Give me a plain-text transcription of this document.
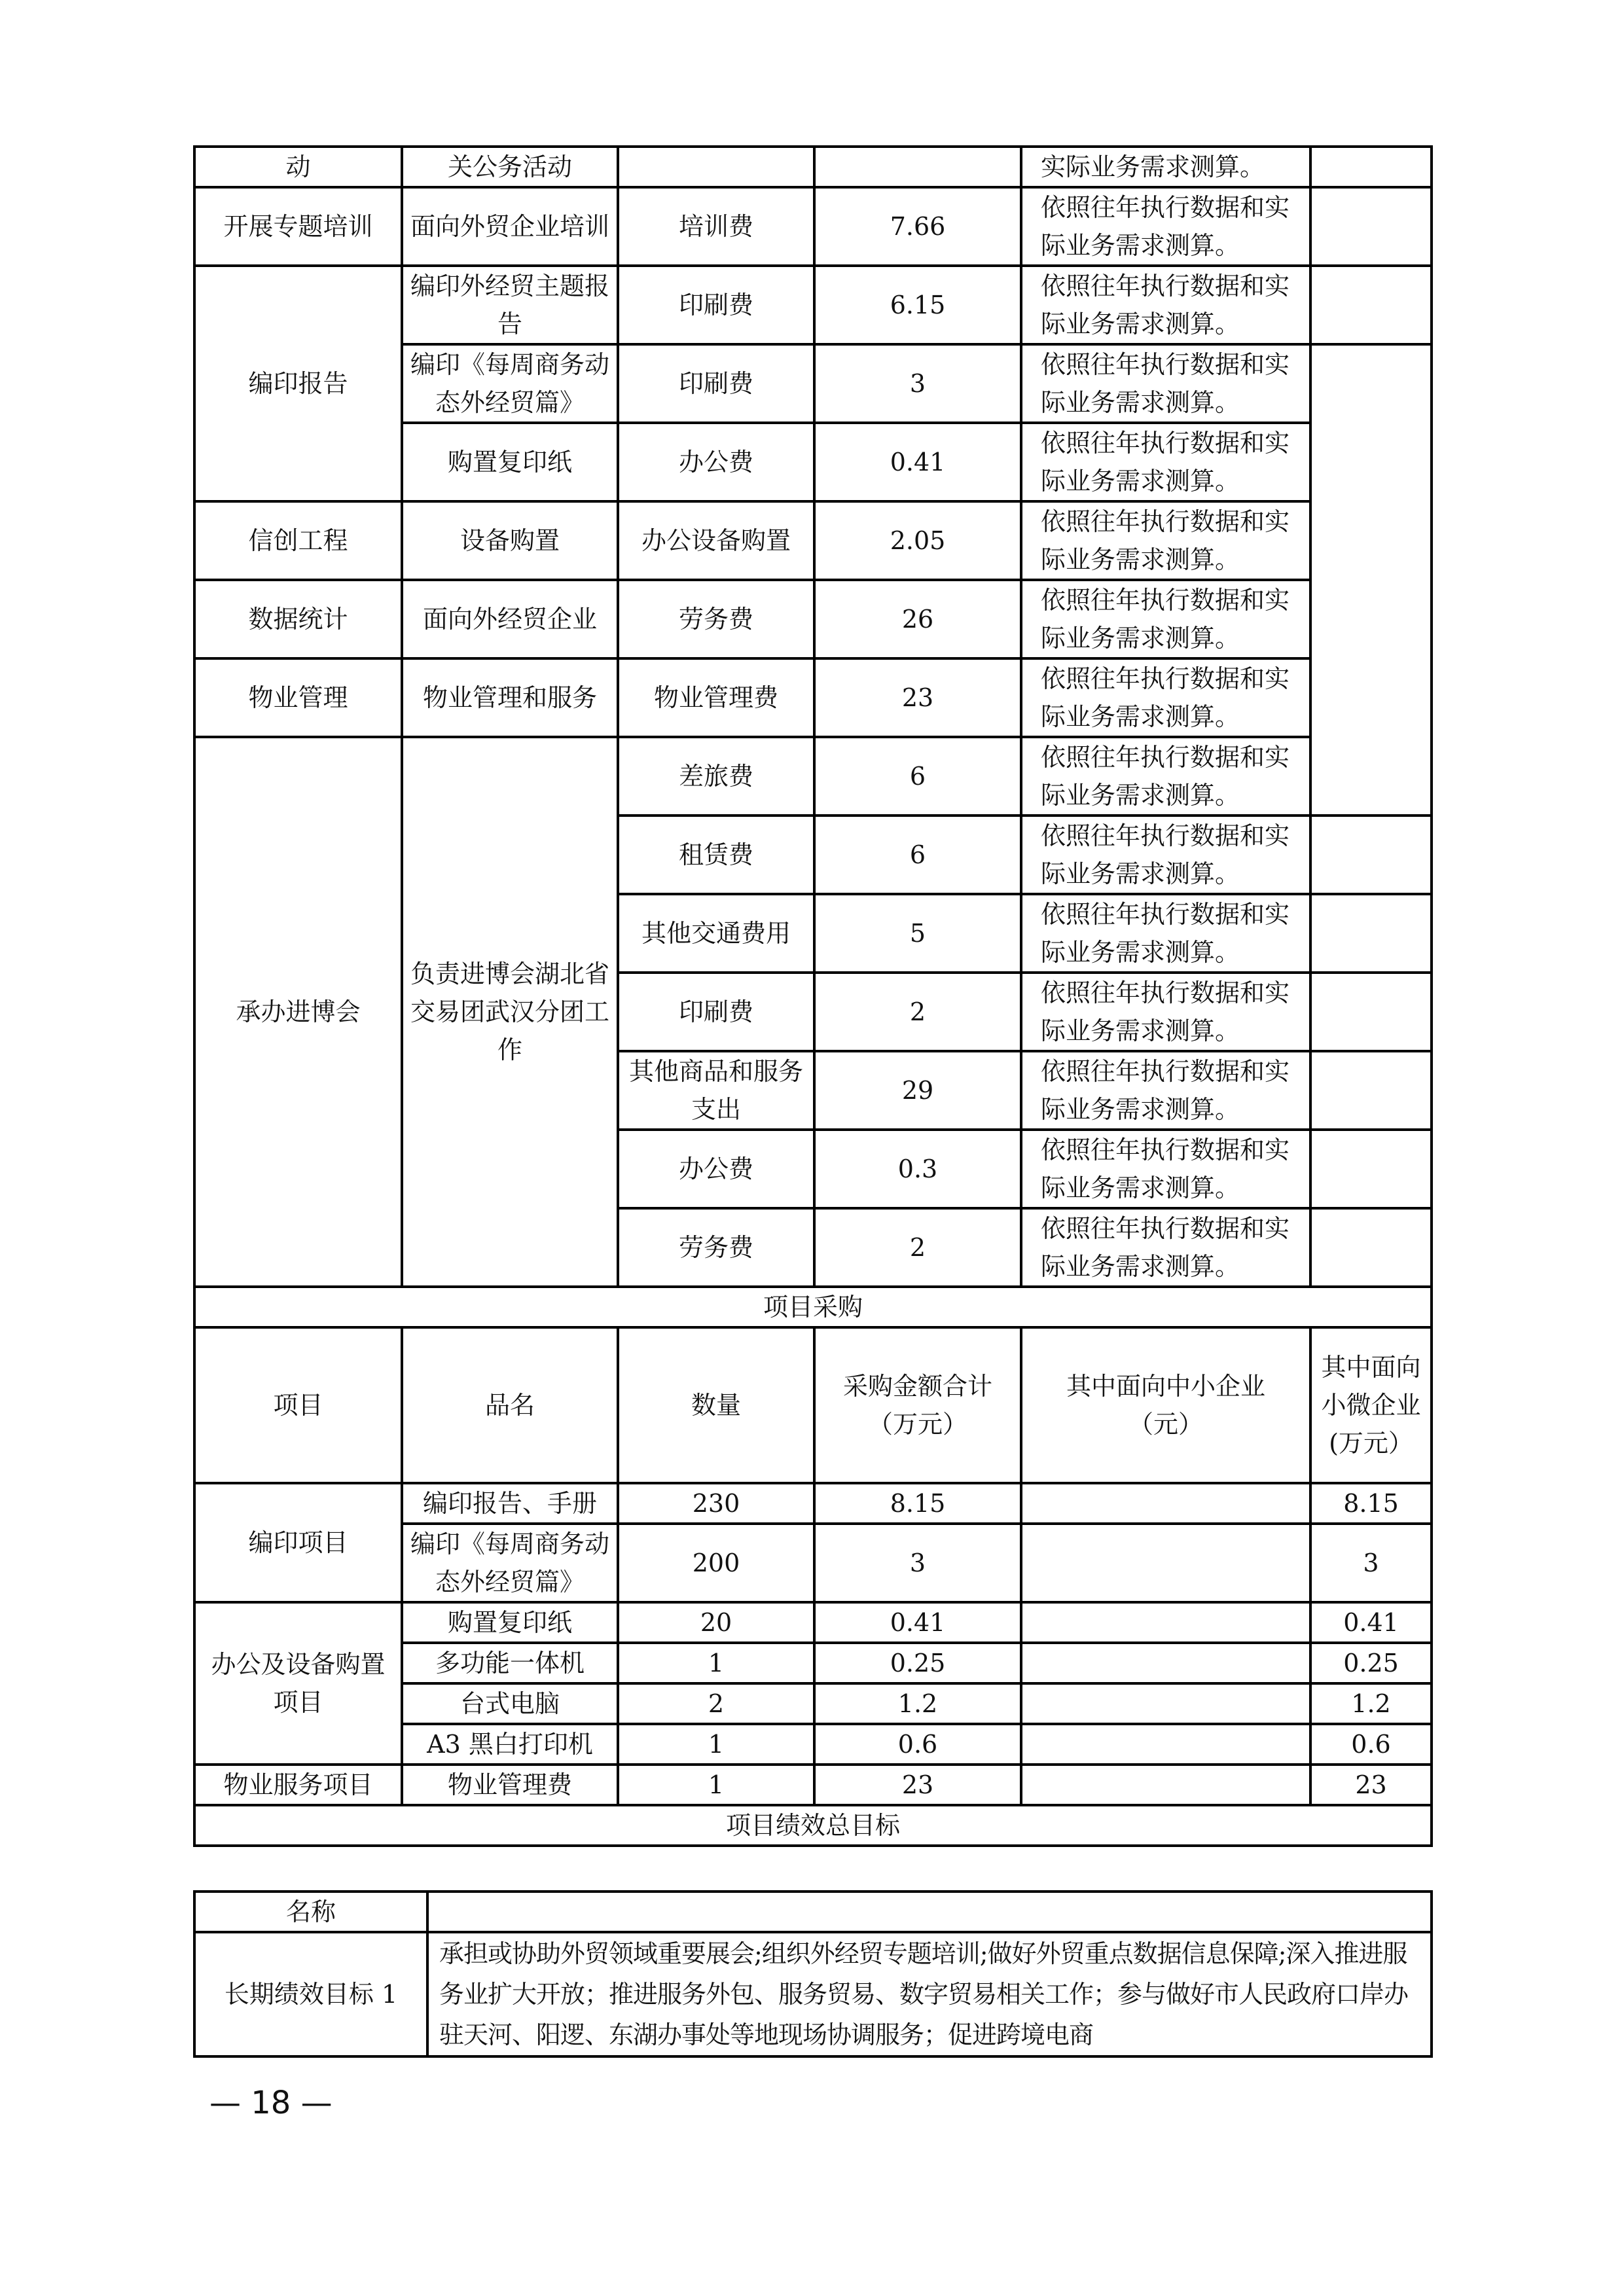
动	关公务活动			实际业务需求测算。	
开展专题培训	面向外贸企业培训	培训费	7.66	依照往年执行数据和实际业务需求测算。	
编印报告	编印外经贸主题报告	印刷费	6.15	依照往年执行数据和实际业务需求测算。	
	编印《每周商务动态外经贸篇》	印刷费	3	依照往年执行数据和实际业务需求测算。	
	购置复印纸	办公费	0.41	依照往年执行数据和实际业务需求测算。	
信创工程	设备购置	办公设备购置	2.05	依照往年执行数据和实际业务需求测算。	
数据统计	面向外经贸企业	劳务费	26	依照往年执行数据和实际业务需求测算。	
物业管理	物业管理和服务	物业管理费	23	依照往年执行数据和实际业务需求测算。	
承办进博会	负责进博会湖北省交易团武汉分团工作	差旅费	6	依照往年执行数据和实际业务需求测算。	
		租赁费	6	依照往年执行数据和实际业务需求测算。	
		其他交通费用	5	依照往年执行数据和实际业务需求测算。	
		印刷费	2	依照往年执行数据和实际业务需求测算。	
		其他商品和服务支出	29	依照往年执行数据和实际业务需求测算。	
		办公费	0.3	依照往年执行数据和实际业务需求测算。	
		劳务费	2	依照往年执行数据和实际业务需求测算。	
项目采购					
项目	品名	数量	采购金额合计（万元）	其中面向中小企业（元）	其中面向小微企业(万元）
编印项目	编印报告、手册	230	8.15		8.15
	编印《每周商务动态外经贸篇》	200	3		3
办公及设备购置项目	购置复印纸	20	0.41		0.41
	多功能一体机	1	0.25		0.25
	台式电脑	2	1.2		1.2
	A3 黑白打印机	1	0.6		0.6
物业服务项目	物业管理费	1	23		23
项目绩效总目标					
名称	
长期绩效目标 1	承担或协助外贸领域重要展会;组织外经贸专题培训;做好外贸重点数据信息保障;深入推进服务业扩大开放；推进服务外包、服务贸易、数字贸易相关工作；参与做好市人民政府口岸办驻天河、阳逻、东湖办事处等地现场协调服务；促进跨境电商
— 18 —
